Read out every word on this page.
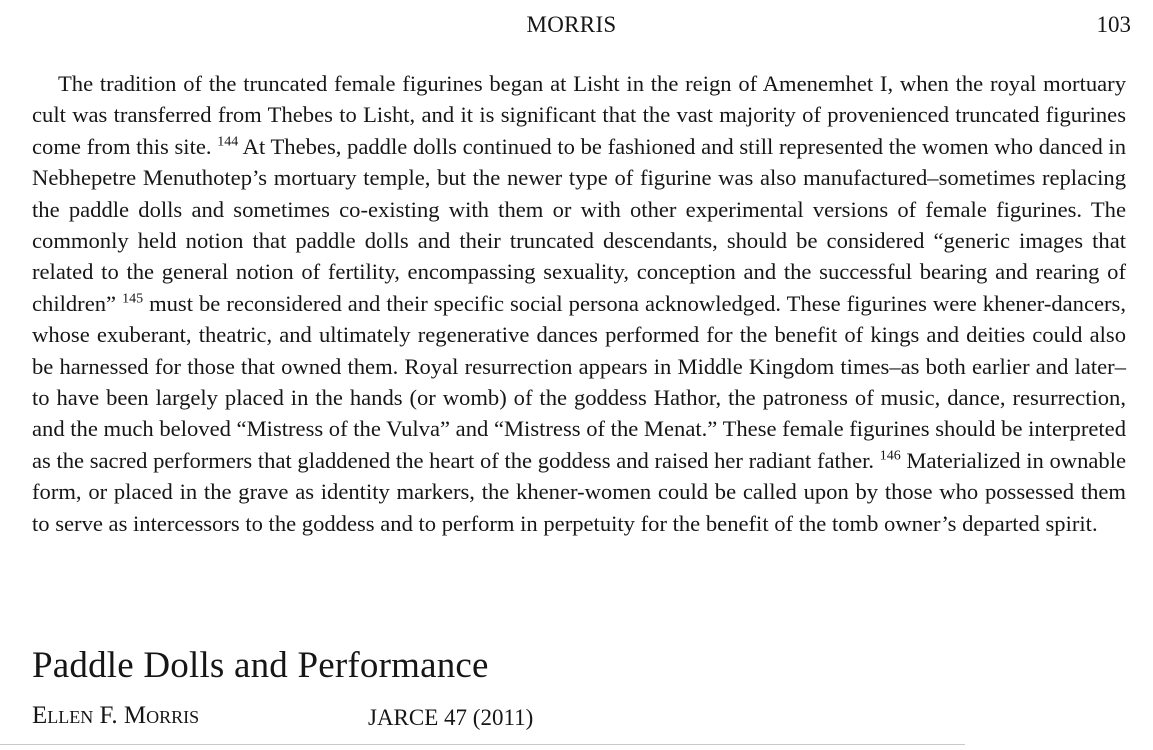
MORRIS	103

The tradition of the truncated female figurines began at Lisht in the reign of Amenemhet I, when the royal mortuary cult was transferred from Thebes to Lisht, and it is significant that the vast majority of provenienced truncated figurines come from this site. $^{144}$ At Thebes, paddle dolls continued to be fashioned and still represented the women who danced in Nebhepetre Menuthotep’s mortuary temple, but the newer type of figurine was also manufactured–sometimes replacing the paddle dolls and sometimes co-existing with them or with other experimental versions of female figurines. The commonly held notion that paddle dolls and their truncated descendants, should be considered “generic images that related to the general notion of fertility, encompassing sexuality, conception and the successful bearing and rearing of children” $^{145}$ must be reconsidered and their specific social persona acknowledged. These figurines were khener-dancers, whose exuberant, theatric, and ultimately regenerative dances performed for the benefit of kings and deities could also be harnessed for those that owned them. Royal resurrection appears in Middle Kingdom times–as both earlier and later–to have been largely placed in the hands (or womb) of the goddess Hathor, the patroness of music, dance, resurrection, and the much beloved “Mistress of the Vulva” and “Mistress of the Menat.” These female figurines should be interpreted as the sacred performers that gladdened the heart of the goddess and raised her radiant father. $^{146}$ Materialized in ownable form, or placed in the grave as identity markers, the khener-women could be called upon by those who possessed them to serve as intercessors to the goddess and to perform in perpetuity for the benefit of the tomb owner’s departed spirit.

Paddle Dolls and Performance
Ellen F. Morris	JARCE 47 (2011)
